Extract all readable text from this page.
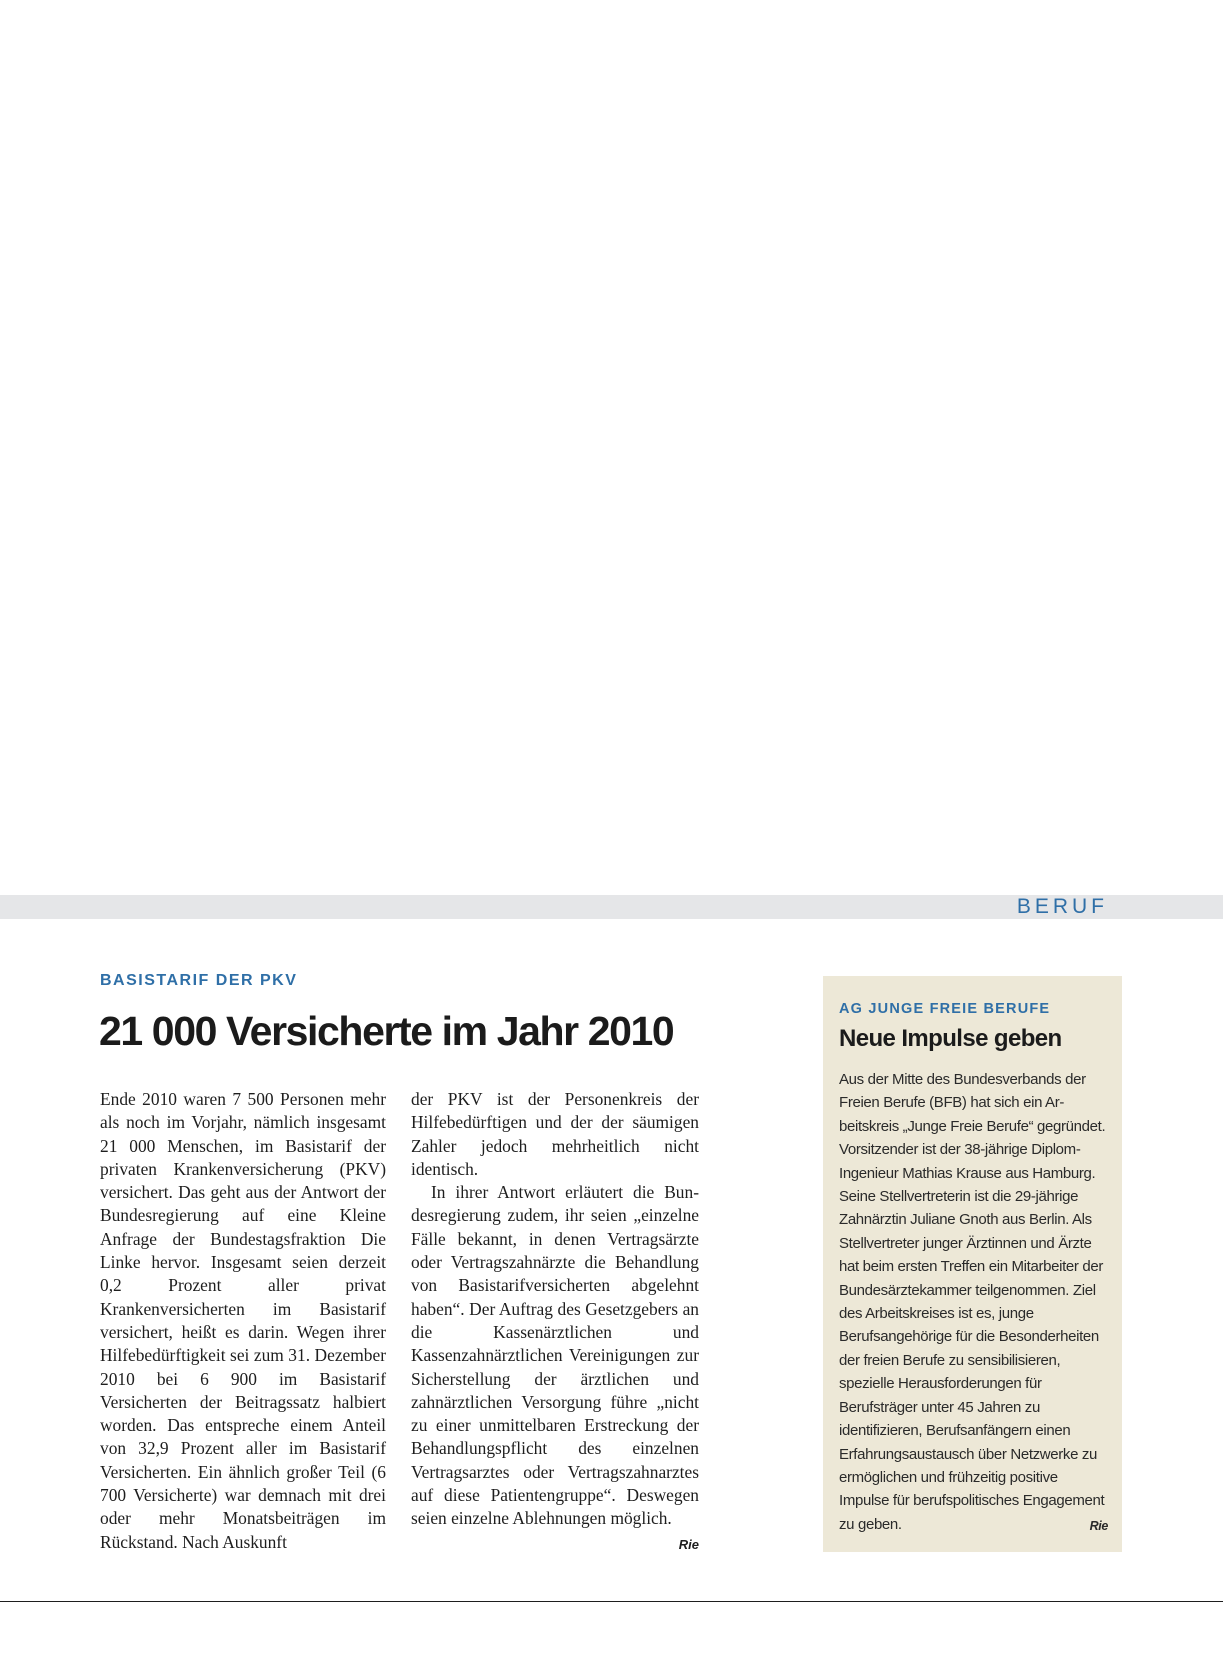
BERUF
BASISTARIF DER PKV
21 000 Versicherte im Jahr 2010

Ende 2010 waren 7 500 Personen mehr als noch im Vorjahr, nämlich insgesamt 21 000 Menschen, im Basistarif der privaten Krankenversicherung (PKV) versichert. Das geht aus der Antwort der Bundesregierung auf eine Kleine Anfrage der Bundestagsfraktion Die Linke hervor. Insgesamt seien derzeit 0,2 Prozent aller privat Krankenversicherten im Basistarif versichert, heißt es darin. Wegen ihrer Hilfebedürftigkeit sei zum 31. Dezember 2010 bei 6 900 im Basistarif Versicherten der Beitragssatz halbiert worden. Das entspreche einem Anteil von 32,9 Prozent aller im Basistarif Versicherten. Ein ähnlich großer Teil (6 700 Versicherte) war demnach mit drei oder mehr Monatsbeiträgen im Rückstand. Nach Auskunft

der PKV ist der Personenkreis der Hilfebedürftigen und der der säumigen Zahler jedoch mehrheitlich nicht identisch.

In ihrer Antwort erläutert die Bundesregierung zudem, ihr seien „einzelne Fälle bekannt, in denen Vertragsärzte oder Vertragszahnärzte die Behandlung von Basistarifversicherten abgelehnt haben“. Der Auftrag des Gesetzgebers an die Kassenärztlichen und Kassenzahnärztlichen Vereinigungen zur Sicherstellung der ärztlichen und zahnärztlichen Versorgung führe „nicht zu einer unmittelbaren Erstreckung der Behandlungspflicht des einzelnen Vertragsarztes oder Vertragszahnarztes auf diese Patientengruppe“. Deswegen seien einzelne Ablehnungen möglich.
Rie

AG JUNGE FREIE BERUFE
Neue Impulse geben
Aus der Mitte des Bundesverbands der Freien Berufe (BFB) hat sich ein Arbeitskreis „Junge Freie Berufe“ gegründet. Vorsitzender ist der 38-jährige Diplom-Ingenieur Mathias Krause aus Hamburg. Seine Stellvertreterin ist die 29-jährige Zahnärztin Juliane Gnoth aus Berlin. Als Stellvertreter junger Ärztinnen und Ärzte hat beim ersten Treffen ein Mitarbeiter der Bundesärztekammer teilgenommen. Ziel des Arbeitskreises ist es, junge Berufsangehörige für die Besonderheiten der freien Berufe zu sensibilisieren, spezielle Herausforderungen für Berufsträger unter 45 Jahren zu identifizieren, Berufsanfängern einen Erfahrungsaustausch über Netzwerke zu ermöglichen und frühzeitig positive Impulse für berufspolitisches Engagement zu geben.	Rie
